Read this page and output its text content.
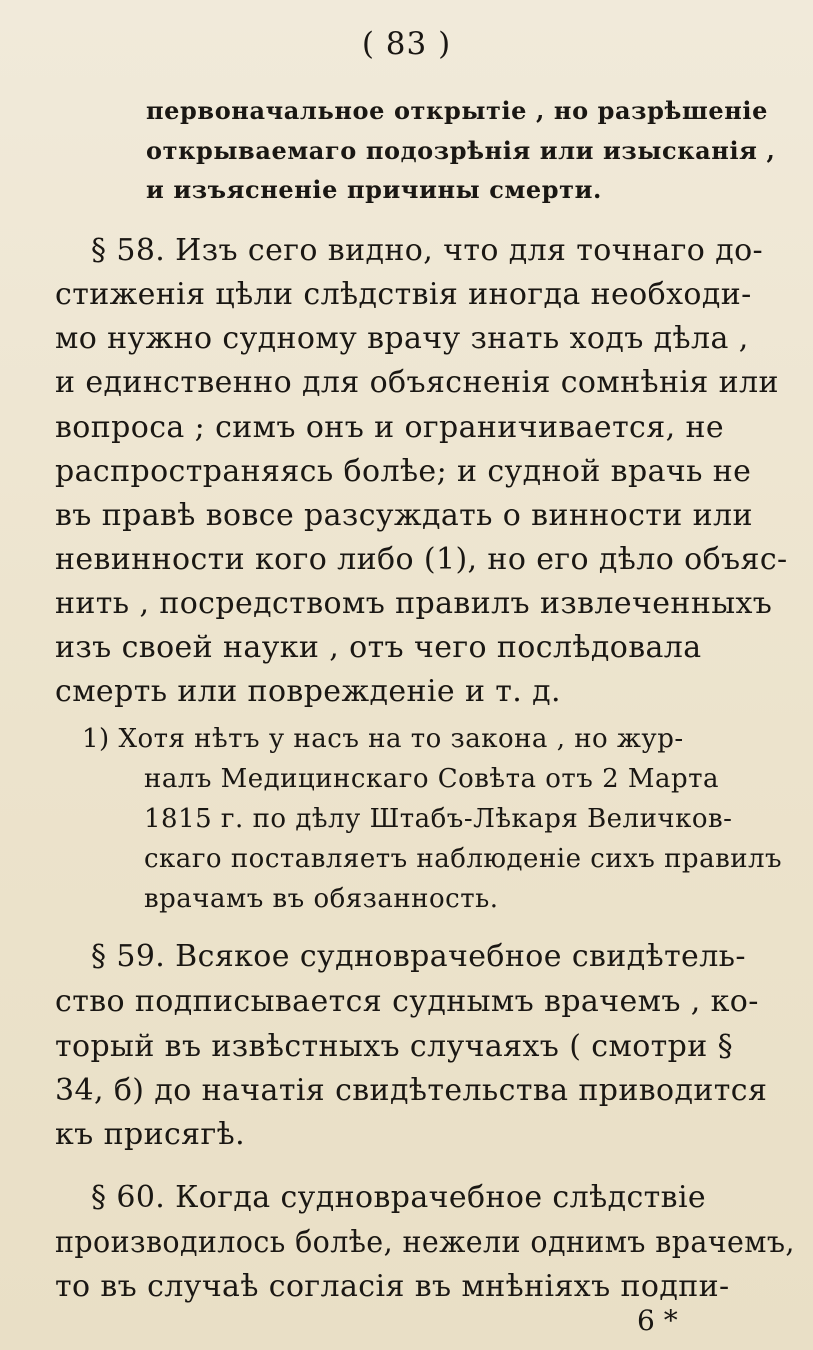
( 83 )
первоначальное открытіе , но разрѣшеніе
открываемаго подозрѣнія или изысканія ,
и изъясненіе причины смерти.
§ 58. Изъ сего видно, что для точнаго до-
стиженія цѣли слѣдствія иногда необходи-
мо нужно судному врачу знать ходъ дѣла ,
и единственно для объясненія сомнѣнія или
вопроса ; симъ онъ и ограничивается, не
распространяясь болѣе; и судной врачь не
въ правѣ вовсе разсуждать о винности или
невинности кого либо (1), но его дѣло объяс-
нить , посредствомъ правилъ извлеченныхъ
изъ своей науки , отъ чего послѣдовала
смерть или поврежденіе и т. д.
1) Хотя нѣтъ у насъ на то закона , но жур-
налъ Медицинскаго Совѣта отъ 2 Марта
1815 г. по дѣлу Штабъ-Лѣкаря Величков-
скаго поставляетъ наблюденіе сихъ правилъ
врачамъ въ обязанность.
§ 59. Всякое судноврачебное свидѣтель-
ство подписывается суднымъ врачемъ , ко-
торый въ извѣстныхъ случаяхъ ( смотри §
34, б) до начатія свидѣтельства приводится
къ присягѣ.
§ 60. Когда судноврачебное слѣдствіе
производилось болѣе, нежели однимъ врачемъ,
то въ случаѣ согласія въ мнѣніяхъ подпи-
6 *
